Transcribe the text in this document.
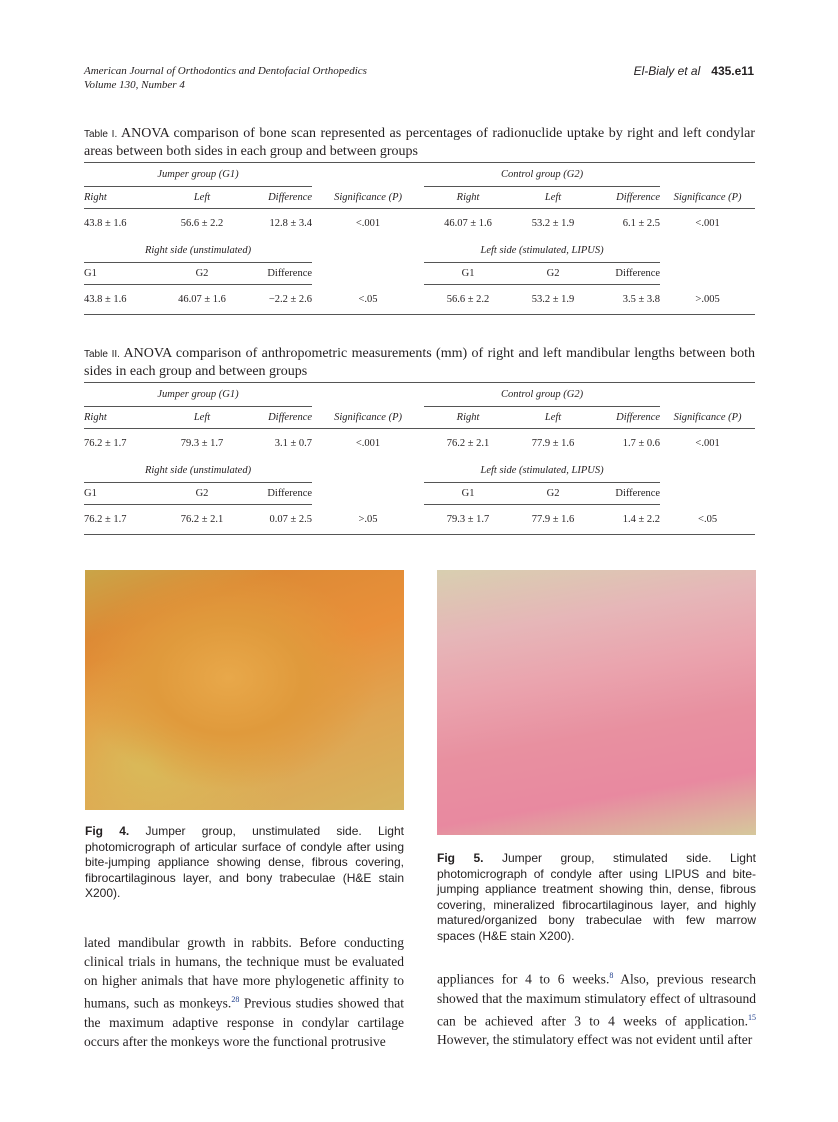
American Journal of Orthodontics and Dentofacial Orthopedics
Volume 130, Number 4
El-Bialy et al 435.e11
Table I. ANOVA comparison of bone scan represented as percentages of radionuclide uptake by right and left condylar areas between both sides in each group and between groups
Jumper group (G1)				Control group (G2)			
Right	Left	Difference	Significance (P)	Right	Left	Difference	Significance (P)
43.8 ± 1.6	56.6 ± 2.2	12.8 ± 3.4	<.001	46.07 ± 1.6	53.2 ± 1.9	6.1 ± 2.5	<.001
Right side (unstimulated)				Left side (stimulated, LIPUS)			
G1	G2	Difference		G1	G2	Difference	
43.8 ± 1.6	46.07 ± 1.6	−2.2 ± 2.6	<.05	56.6 ± 2.2	53.2 ± 1.9	3.5 ± 3.8	>.005
Table II. ANOVA comparison of anthropometric measurements (mm) of right and left mandibular lengths between both sides in each group and between groups
Jumper group (G1)				Control group (G2)			
Right	Left	Difference	Significance (P)	Right	Left	Difference	Significance (P)
76.2 ± 1.7	79.3 ± 1.7	3.1 ± 0.7	<.001	76.2 ± 2.1	77.9 ± 1.6	1.7 ± 0.6	<.001
Right side (unstimulated)				Left side (stimulated, LIPUS)			
G1	G2	Difference		G1	G2	Difference	
76.2 ± 1.7	76.2 ± 2.1	0.07 ± 2.5	>.05	79.3 ± 1.7	77.9 ± 1.6	1.4 ± 2.2	<.05
Fig 4. Jumper group, unstimulated side. Light photomicrograph of articular surface of condyle after using bite-jumping appliance showing dense, fibrous covering, fibrocartilaginous layer, and bony trabeculae (H&E stain X200).
Fig 5. Jumper group, stimulated side. Light photomicrograph of condyle after using LIPUS and bite-jumping appliance treatment showing thin, dense, fibrous covering, mineralized fibrocartilaginous layer, and highly matured/organized bony trabeculae with few marrow spaces (H&E stain X200).
lated mandibular growth in rabbits. Before conducting clinical trials in humans, the technique must be evaluated on higher animals that have more phylogenetic affinity to humans, such as monkeys.$^{28}$ Previous studies showed that the maximum adaptive response in condylar cartilage occurs after the monkeys wore the functional protrusive
appliances for 4 to 6 weeks.$^8$ Also, previous research showed that the maximum stimulatory effect of ultrasound can be achieved after 3 to 4 weeks of application.$^{15}$ However, the stimulatory effect was not evident until after
